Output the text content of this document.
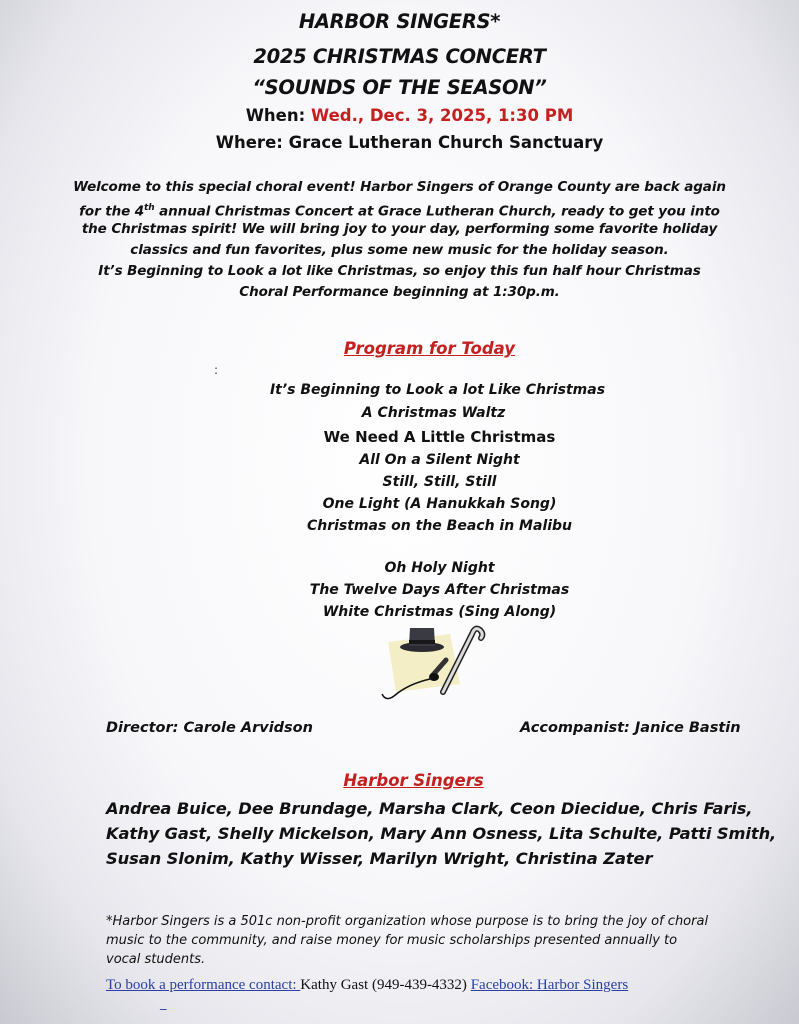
HARBOR SINGERS*
2025 CHRISTMAS CONCERT
“SOUNDS OF THE SEASON”
When: Wed., Dec. 3, 2025, 1:30 PM
Where: Grace Lutheran Church Sanctuary
Welcome to this special choral event! Harbor Singers of Orange County are back again
for the 4th annual Christmas Concert at Grace Lutheran Church, ready to get you into
the Christmas spirit! We will bring joy to your day, performing some favorite holiday
classics and fun favorites, plus some new music for the holiday season.
It’s Beginning to Look a lot like Christmas, so enjoy this fun half hour Christmas
Choral Performance beginning at 1:30p.m.
Program for Today
:
It’s Beginning to Look a lot Like Christmas
A Christmas Waltz
We Need A Little Christmas
All On a Silent Night
Still, Still, Still
One Light (A Hanukkah Song)
Christmas on the Beach in Malibu
Oh Holy Night
The Twelve Days After Christmas
White Christmas (Sing Along)
Director: Carole Arvidson	Accompanist: Janice Bastin
Harbor Singers
Andrea Buice, Dee Brundage, Marsha Clark, Ceon Diecidue, Chris Faris,
Kathy Gast, Shelly Mickelson, Mary Ann Osness, Lita Schulte, Patti Smith,
Susan Slonim, Kathy Wisser, Marilyn Wright, Christina Zater
*Harbor Singers is a 501c non-profit organization whose purpose is to bring the joy of choral
music to the community, and raise money for music scholarships presented annually to
vocal students.
To book a performance contact: Kathy Gast (949-439-4332) Facebook: Harbor Singers
_
